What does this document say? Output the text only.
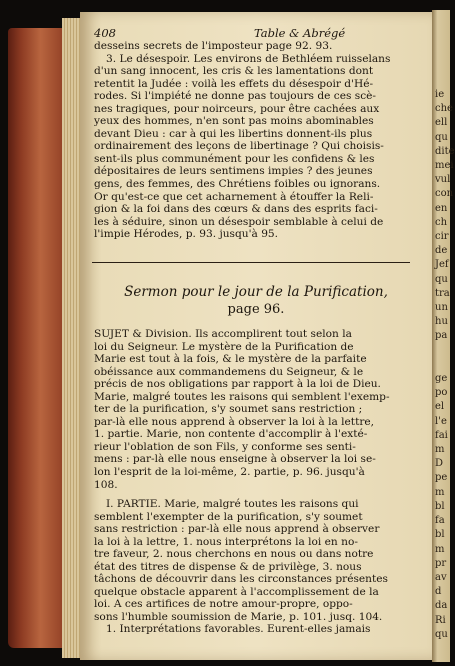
408	Table & Abrégé
desseins secrets de l'imposteur page 92. 93.
3. Le désespoir. Les environs de Bethléem ruisselans
d'un sang innocent, les cris & les lamentations dont
retentit la Judée : voilà les effets du désespoir d'Hé-
rodes. Si l'impiété ne donne pas toujours de ces scè-
nes tragiques, pour noirceurs, pour être cachées aux
yeux des hommes, n'en sont pas moins abominables
devant Dieu : car à qui les libertins donnent-ils plus
ordinairement des leçons de libertinage ? Qui choisis-
sent-ils plus communément pour les confidens & les
dépositaires de leurs sentimens impies ? des jeunes
gens, des femmes, des Chrétiens foibles ou ignorans.
Or qu'est-ce que cet acharnement à étouffer la Reli-
gion & la foi dans des cœurs & dans des esprits faci-
les à séduire, sinon un désespoir semblable à celui de
l'impie Hérodes, p. 93. jusqu'à 95.
Sermon pour le jour de la Purification,
page 96.
SUJET & Division. Ils accomplirent tout selon la
loi du Seigneur. Le mystère de la Purification de
Marie est tout à la fois, & le mystère de la parfaite
obéissance aux commandemens du Seigneur, & le
précis de nos obligations par rapport à la loi de Dieu.
Marie, malgré toutes les raisons qui semblent l'exemp-
ter de la purification, s'y soumet sans restriction ;
par-là elle nous apprend à observer la loi à la lettre,
1. partie. Marie, non contente d'accomplir à l'exté-
rieur l'oblation de son Fils, y conforme ses senti-
mens : par-là elle nous enseigne à observer la loi se-
lon l'esprit de la loi-même, 2. partie, p. 96. jusqu'à
108.
I. PARTIE. Marie, malgré toutes les raisons qui
semblent l'exempter de la purification, s'y soumet
sans restriction : par-là elle nous apprend à observer
la loi à la lettre, 1. nous interprétons la loi en no-
tre faveur, 2. nous cherchons en nous ou dans notre
état des titres de dispense & de privilège, 3. nous
tâchons de découvrir dans les circonstances présentes
quelque obstacle apparent à l'accomplissement de la
loi. A ces artifices de notre amour-propre, oppo-
sons l'humble soumission de Marie, p. 101. jusq. 104.
1. Interprétations favorables. Eurent-elles jamais
ie
che
ell
qu
dite
mei
vul
con
en
ch
cir
de
Jef
qu
tra
un
hu
pa

ge
po
el
l'e
fai
m
D
pe
m
bl
fa
bl
m
pr
av
d
da
Ri
qu
